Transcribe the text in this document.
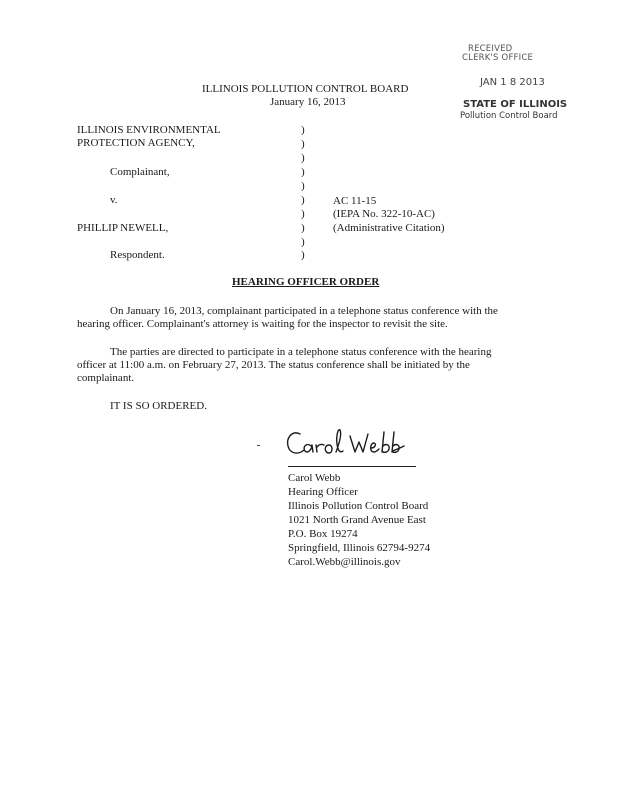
RECEIVED
CLERK'S OFFICE
JAN 1 8 2013
STATE OF ILLINOIS
Pollution Control Board
ILLINOIS POLLUTION CONTROL BOARD
January 16, 2013
ILLINOIS ENVIRONMENTAL
PROTECTION AGENCY,
Complainant,
v.
PHILLIP NEWELL,
Respondent.
)
)
)
)
)
)
)
)
)
)
AC 11-15
(IEPA No. 322-10-AC)
(Administrative Citation)
HEARING OFFICER ORDER
On January 16, 2013, complainant participated in a telephone status conference with the
hearing officer. Complainant's attorney is waiting for the inspector to revisit the site.
The parties are directed to participate in a telephone status conference with the hearing
officer at 11:00 a.m. on February 27, 2013. The status conference shall be initiated by the
complainant.
IT IS SO ORDERED.
Carol Webb
Hearing Officer
Illinois Pollution Control Board
1021 North Grand Avenue East
P.O. Box 19274
Springfield, Illinois 62794-9274
Carol.Webb@illinois.gov
